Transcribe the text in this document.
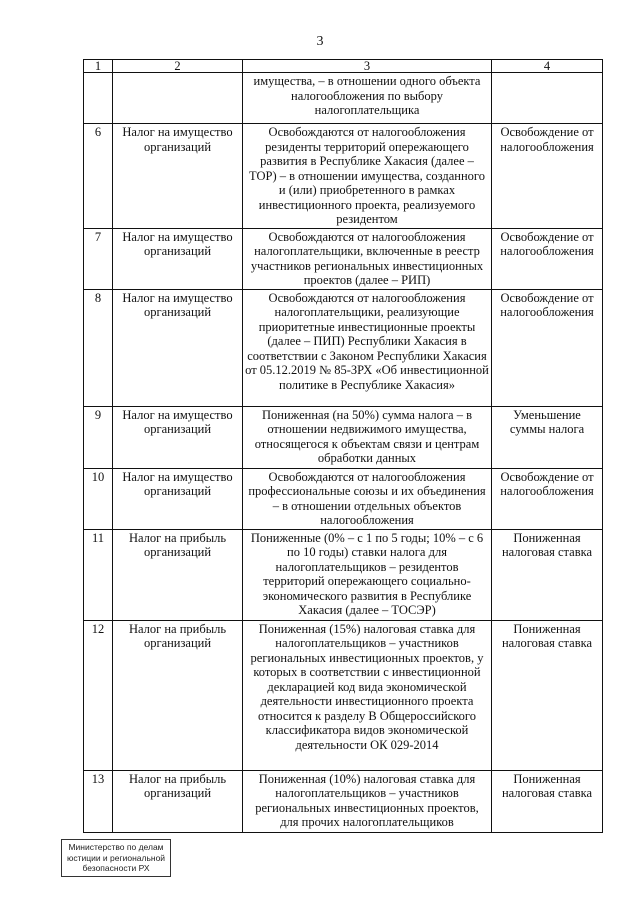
3
1	2	3	4
		имущества, – в отношении одного объекта налогообложения по выбору налогоплательщика	
6	Налог на имущество организаций	Освобождаются от налогообложения резиденты территорий опережающего развития в Республике Хакасия (далее – ТОР) – в отношении имущества, созданного и (или) приобретенного в рамках инвестиционного проекта, реализуемого резидентом	Освобождение от налогообложения
7	Налог на имущество организаций	Освобождаются от налогообложения налогоплательщики, включенные в реестр участников региональных инвестиционных проектов (далее – РИП)	Освобождение от налогообложения
8	Налог на имущество организаций	Освобождаются от налогообложения налогоплательщики, реализующие приоритетные инвестиционные проекты (далее – ПИП) Республики Хакасия в соответствии с Законом Республики Хакасия от 05.12.2019 № 85-ЗРХ «Об инвестиционной политике в Республике Хакасия»	Освобождение от налогообложения
9	Налог на имущество организаций	Пониженная (на 50%) сумма налога – в отношении недвижимого имущества, относящегося к объектам связи и центрам обработки данных	Уменьшение суммы налога
10	Налог на имущество организаций	Освобождаются от налогообложения профессиональные союзы и их объединения – в отношении отдельных объектов налогообложения	Освобождение от налогообложения
11	Налог на прибыль организаций	Пониженные (0% – с 1 по 5 годы; 10% – с 6 по 10 годы) ставки налога для налогоплательщиков – резидентов территорий опережающего социально-экономического развития в Республике Хакасия (далее – ТОСЭР)	Пониженная налоговая ставка
12	Налог на прибыль организаций	Пониженная (15%) налоговая ставка для налогоплательщиков – участников региональных инвестиционных проектов, у которых в соответствии с инвестиционной декларацией код вида экономической деятельности инвестиционного проекта относится к разделу В Общероссийского классификатора видов экономической деятельности ОК 029-2014	Пониженная налоговая ставка
13	Налог на прибыль организаций	Пониженная (10%) налоговая ставка для налогоплательщиков – участников региональных инвестиционных проектов, для прочих налогоплательщиков	Пониженная налоговая ставка
Министерство по делам
юстиции и региональной
безопасности РХ
